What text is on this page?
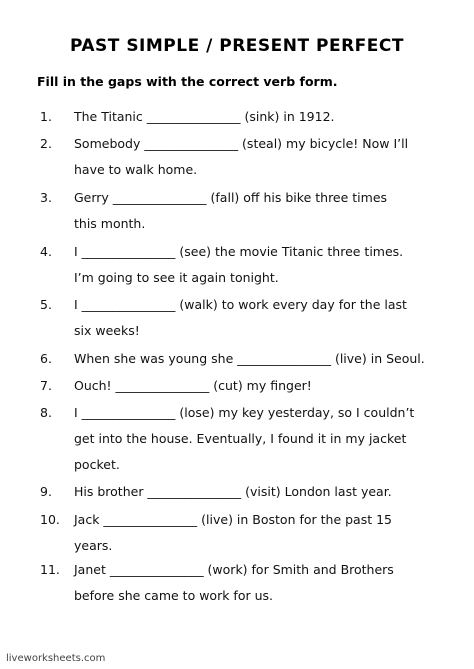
PAST SIMPLE / PRESENT PERFECT
Fill in the gaps with the correct verb form.
1.	The Titanic _______________ (sink) in 1912.
2.	Somebody _______________ (steal) my bicycle! Now I’ll
have to walk home.
3.	Gerry _______________ (fall) off his bike three times
this month.
4.	I _______________ (see) the movie Titanic three times.
I’m going to see it again tonight.
5.	I _______________ (walk) to work every day for the last
six weeks!
6.	When she was young she _______________ (live) in Seoul.
7.	Ouch! _______________ (cut) my finger!
8.	I _______________ (lose) my key yesterday, so I couldn’t
get into the house. Eventually, I found it in my jacket
pocket.
9.	His brother _______________ (visit) London last year.
10.	Jack _______________ (live) in Boston for the past 15
years.
11.	Janet _______________ (work) for Smith and Brothers
before she came to work for us.
liveworksheets.com
